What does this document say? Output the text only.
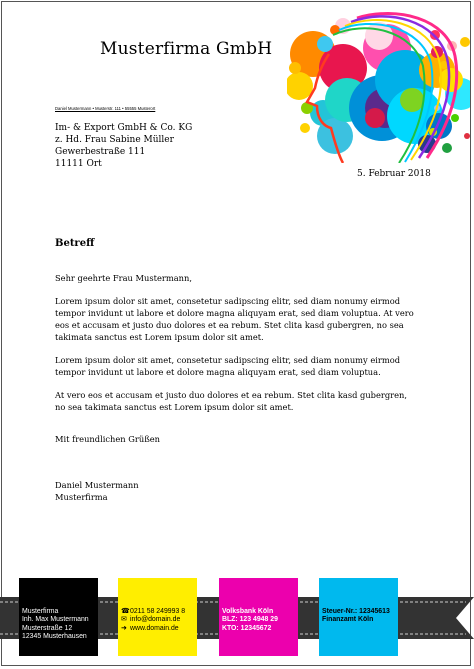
Musterfirma GmbH
Daniel Mustermann • Musterstr. 111 • 55555 Musterort
Im- & Export GmbH & Co. KG
z. Hd. Frau Sabine Müller
Gewerbestraße 111
11111 Ort
5. Februar 2018
Betreff

Sehr geehrte Frau Mustermann,

Lorem ipsum dolor sit amet, consetetur sadipscing elitr, sed diam nonumy eirmod tempor invidunt ut labore et dolore magna aliquyam erat, sed diam voluptua. At vero eos et accusam et justo duo dolores et ea rebum. Stet clita kasd gubergren, no sea takimata sanctus est Lorem ipsum dolor sit amet.

Lorem ipsum dolor sit amet, consetetur sadipscing elitr, sed diam nonumy eirmod tempor invidunt ut labore et dolore magna aliquyam erat, sed diam voluptua.

At vero eos et accusam et justo duo dolores et ea rebum. Stet clita kasd gubergren, no sea takimata sanctus est Lorem ipsum dolor sit amet.

Mit freundlichen Grüßen
Daniel Mustermann
Musterfirma
Musterfirma
Inh. Max Mustermann
Musterstraße 12
12345 Musterhausen
☎0211 58 249993 8
✉ info@domain.de
➜ www.domain.de
Volksbank Köln
BLZ: 123 4948 29
KTO: 12345672
Steuer-Nr.: 12345613
Finanzamt Köln
